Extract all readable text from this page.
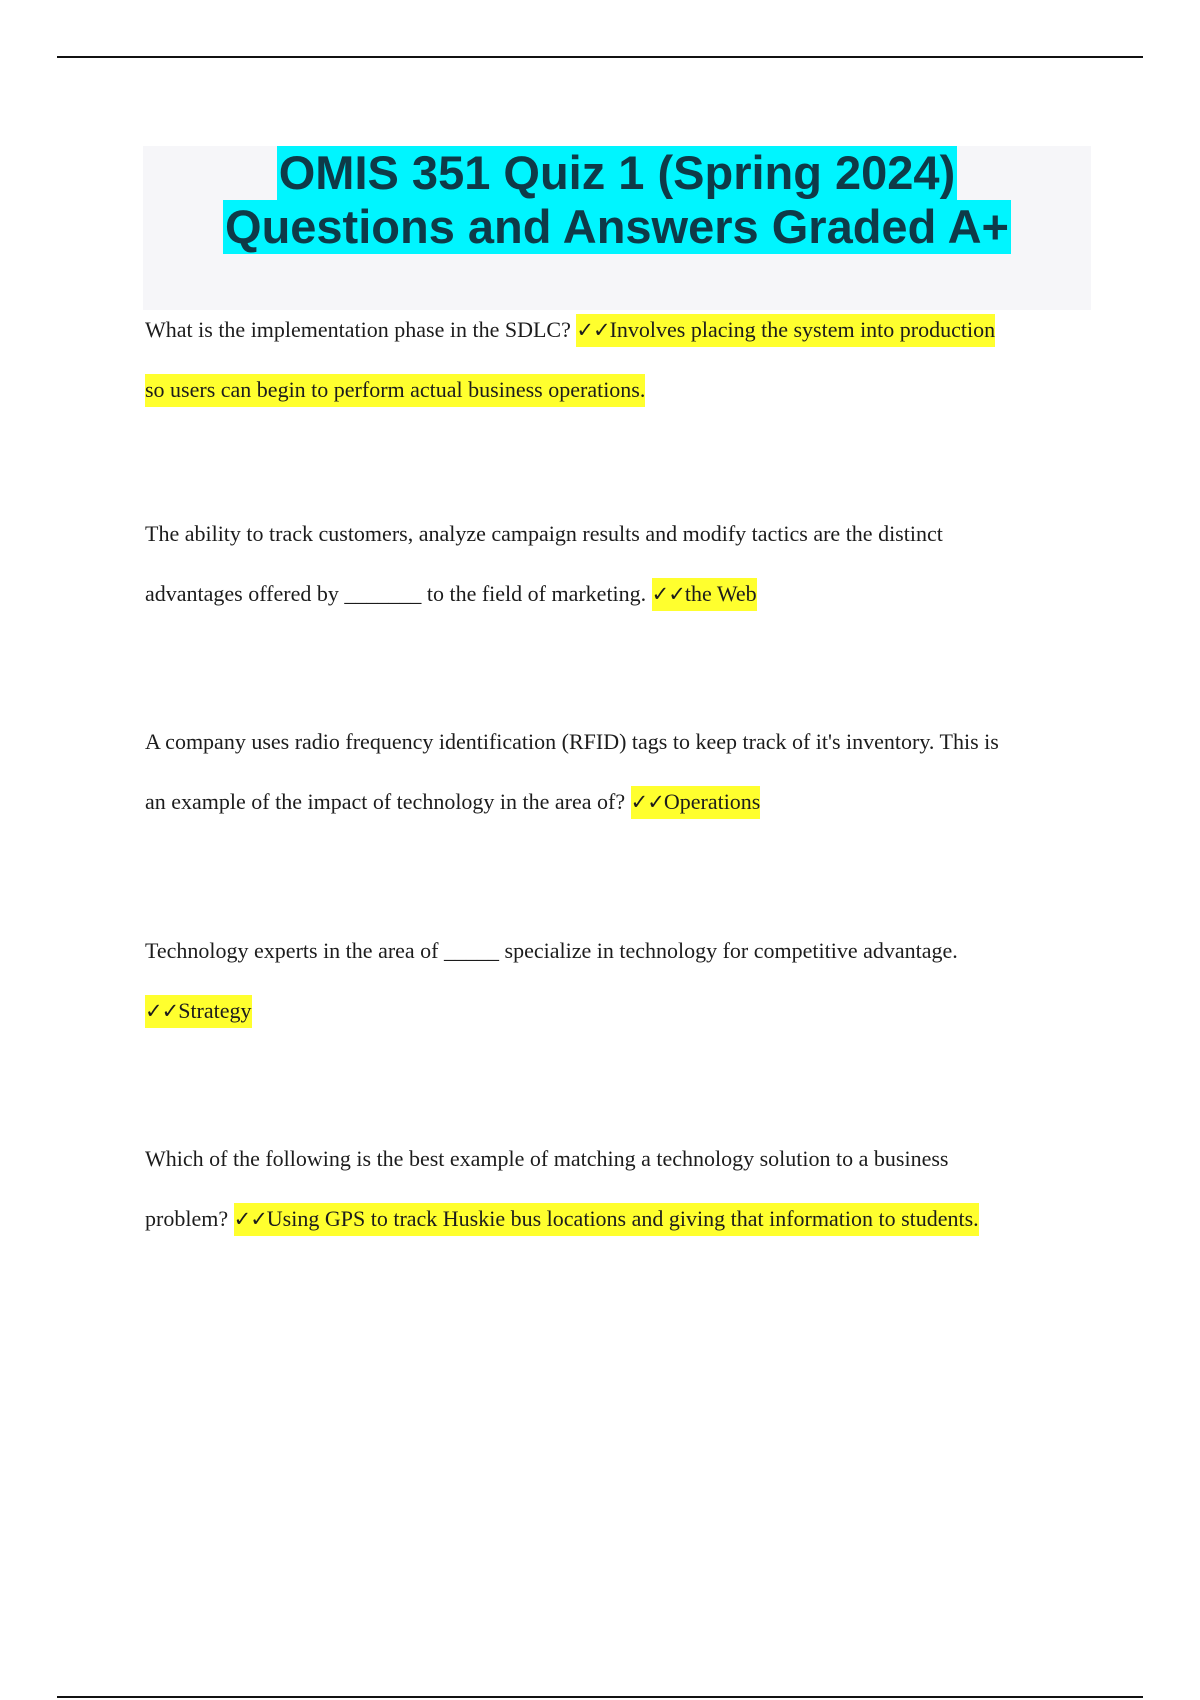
OMIS 351 Quiz 1 (Spring 2024)
Questions and Answers Graded A+
What is the implementation phase in the SDLC? ✓✓Involves placing the system into production
so users can begin to perform actual business operations.
The ability to track customers, analyze campaign results and modify tactics are the distinct
advantages offered by _______ to the field of marketing. ✓✓the Web
A company uses radio frequency identification (RFID) tags to keep track of it's inventory. This is
an example of the impact of technology in the area of? ✓✓Operations
Technology experts in the area of _____ specialize in technology for competitive advantage.
✓✓Strategy
Which of the following is the best example of matching a technology solution to a business
problem? ✓✓Using GPS to track Huskie bus locations and giving that information to students.
